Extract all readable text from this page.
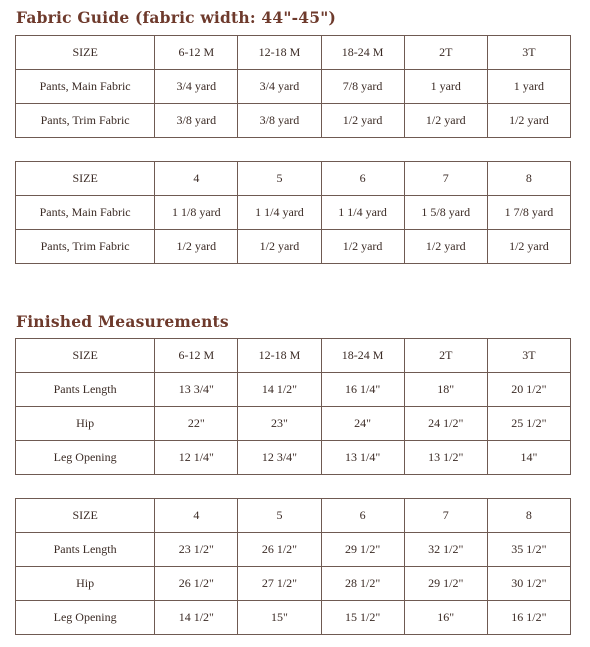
Fabric Guide (fabric width: 44"-45")
SIZE	6-12 M	12-18 M	18-24 M	2T	3T
Pants, Main Fabric	3/4 yard	3/4 yard	7/8 yard	1 yard	1 yard
Pants, Trim Fabric	3/8 yard	3/8 yard	1/2 yard	1/2 yard	1/2 yard
SIZE	4	5	6	7	8
Pants, Main Fabric	1 1/8 yard	1 1/4 yard	1 1/4 yard	1 5/8 yard	1 7/8 yard
Pants, Trim Fabric	1/2 yard	1/2 yard	1/2 yard	1/2 yard	1/2 yard
Finished Measurements
SIZE	6-12 M	12-18 M	18-24 M	2T	3T
Pants Length	13 3/4"	14 1/2"	16 1/4"	18"	20 1/2"
Hip	22"	23"	24"	24 1/2"	25 1/2"
Leg Opening	12 1/4"	12 3/4"	13 1/4"	13 1/2"	14"
SIZE	4	5	6	7	8
Pants Length	23 1/2"	26 1/2"	29 1/2"	32 1/2"	35 1/2"
Hip	26 1/2"	27 1/2"	28 1/2"	29 1/2"	30 1/2"
Leg Opening	14 1/2"	15"	15 1/2"	16"	16 1/2"
